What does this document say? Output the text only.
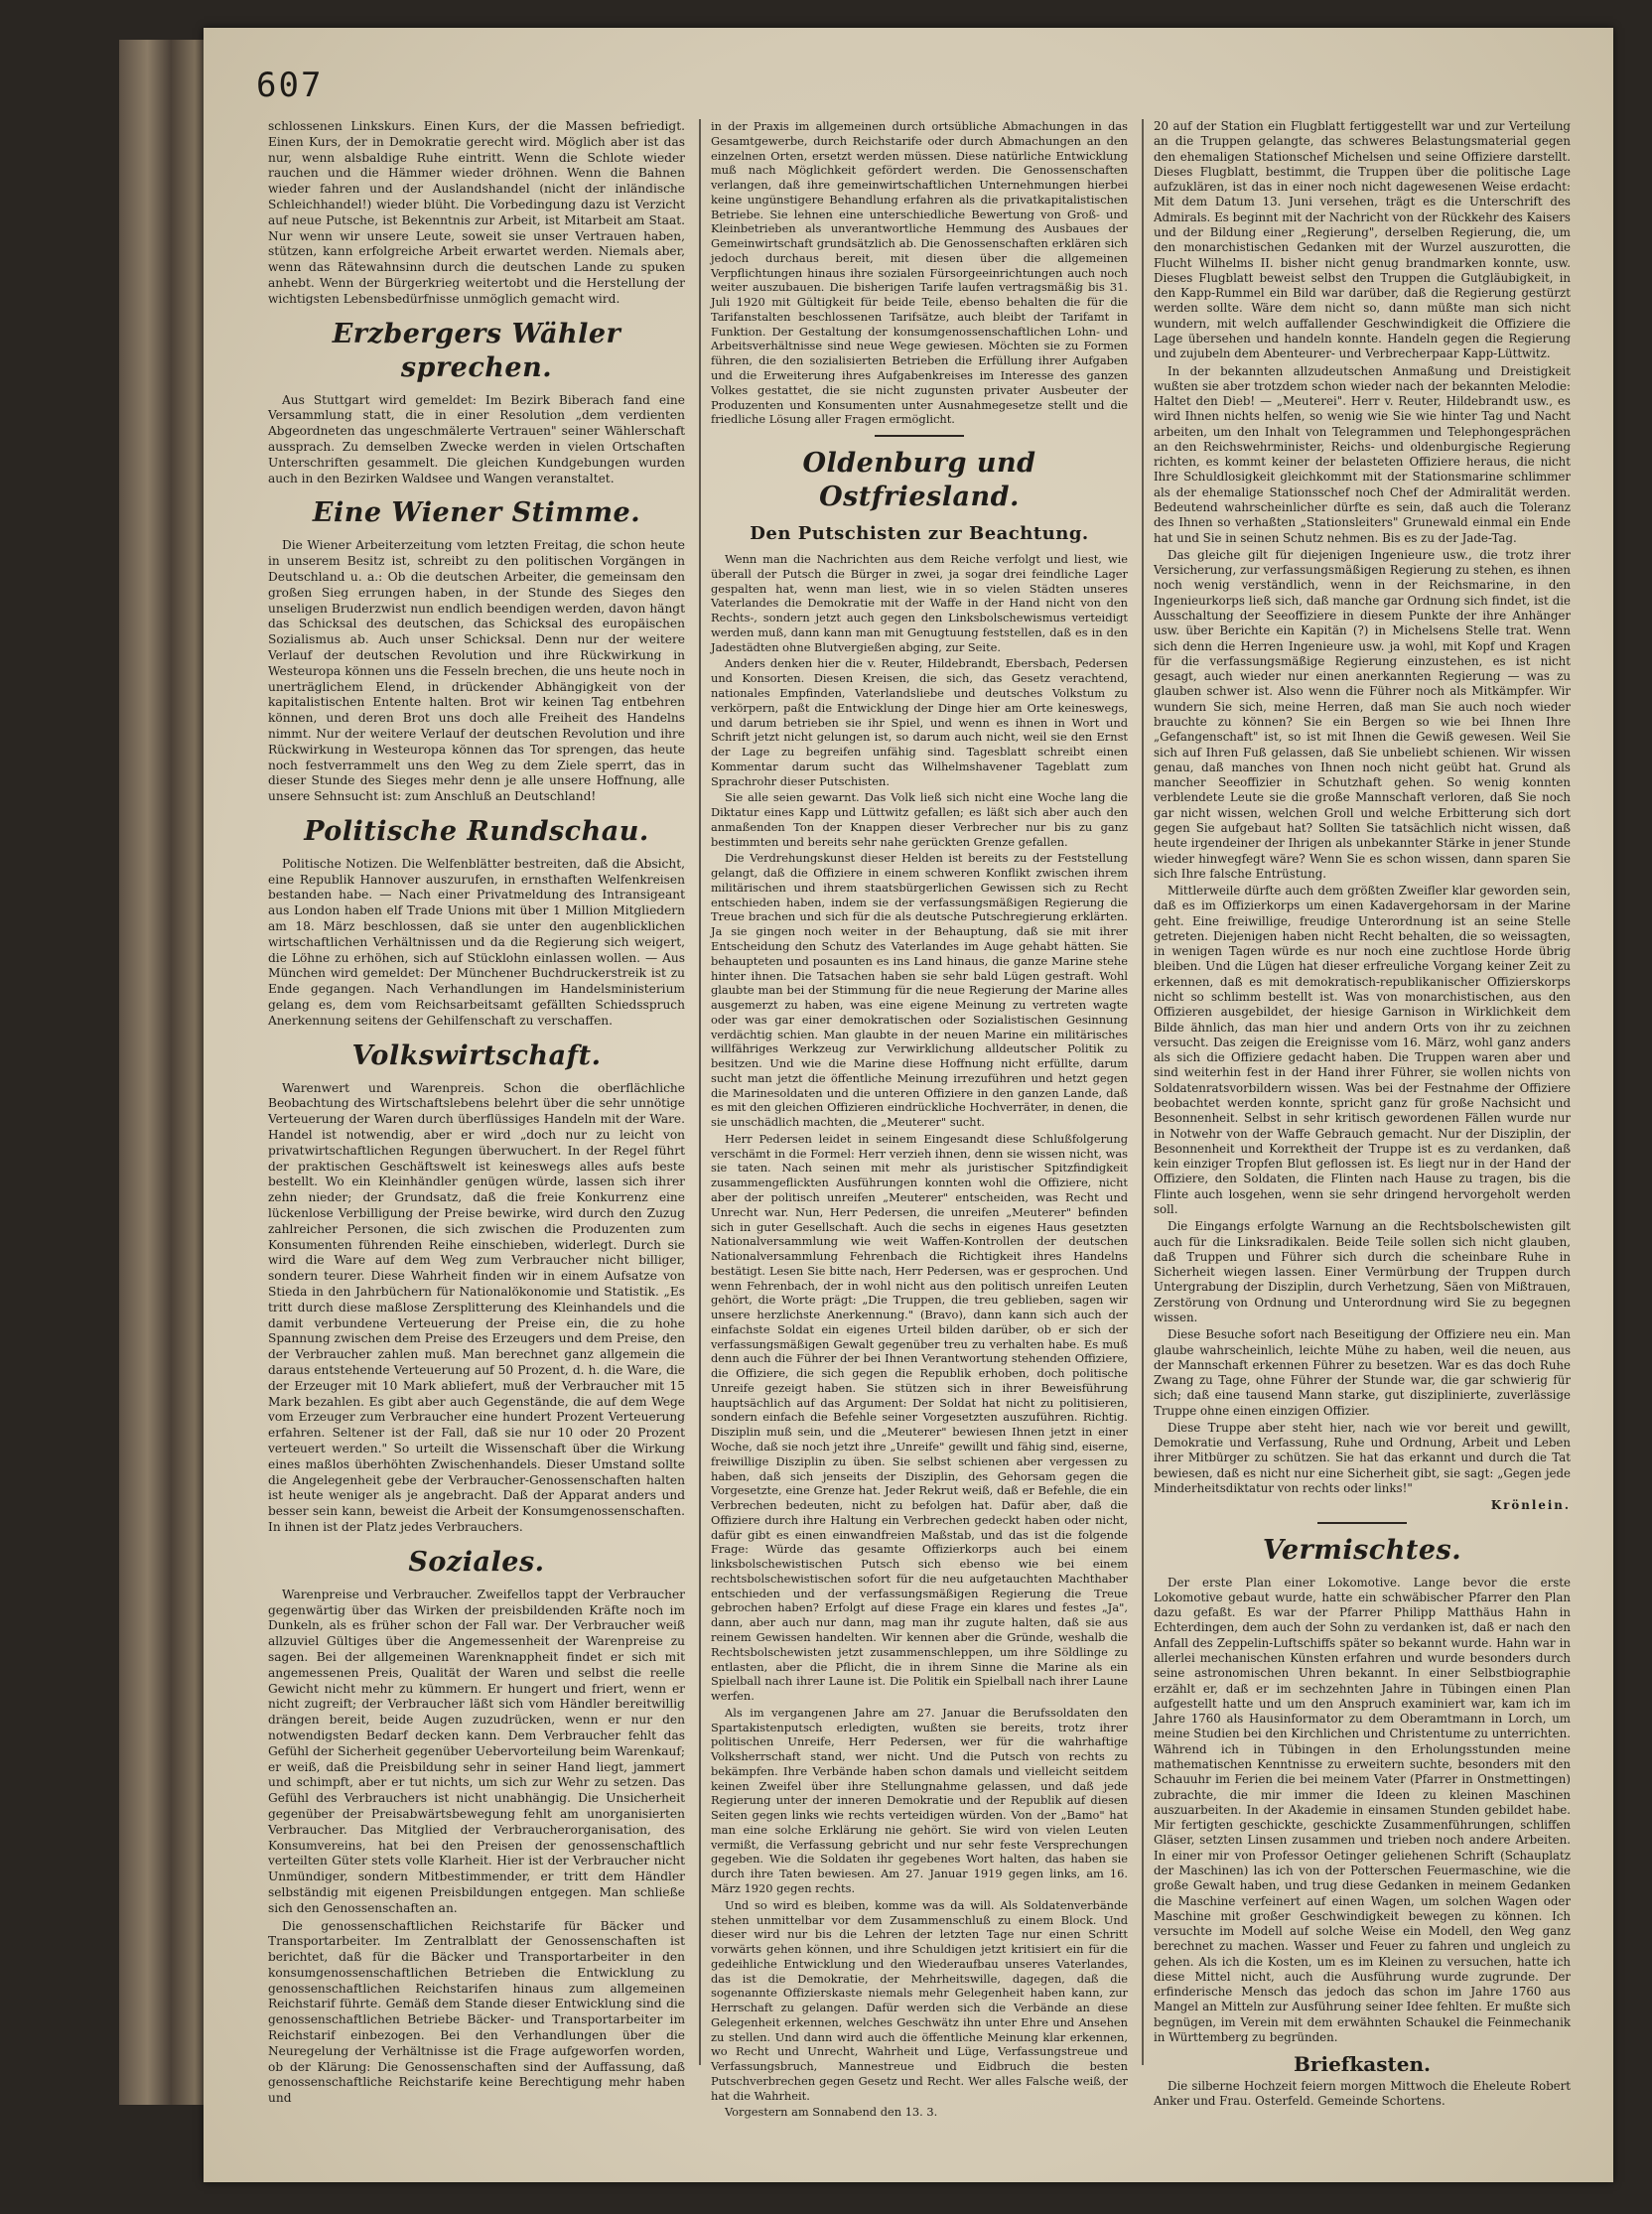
607

schlossenen Linkskurs. Einen Kurs, der die Massen befriedigt. Einen Kurs, der in Demokratie gerecht wird. Möglich aber ist das nur, wenn alsbaldige Ruhe eintritt. Wenn die Schlote wieder rauchen und die Hämmer wieder dröhnen. Wenn die Bahnen wieder fahren und der Auslandshandel (nicht der inländische Schleichhandel!) wieder blüht. Die Vorbedingung dazu ist Verzicht auf neue Putsche, ist Bekenntnis zur Arbeit, ist Mitarbeit am Staat. Nur wenn wir unsere Leute, soweit sie unser Vertrauen haben, stützen, kann erfolgreiche Arbeit erwartet werden. Niemals aber, wenn das Rätewahnsinn durch die deutschen Lande zu spuken anhebt. Wenn der Bürgerkrieg weitertobt und die Herstellung der wichtigsten Lebensbedürfnisse unmöglich gemacht wird.

Erzbergers Wähler sprechen.

Aus Stuttgart wird gemeldet: Im Bezirk Biberach fand eine Versammlung statt, die in einer Resolution „dem verdienten Abgeordneten das ungeschmälerte Vertrauen" seiner Wählerschaft aussprach. Zu demselben Zwecke werden in vielen Ortschaften Unterschriften gesammelt. Die gleichen Kundgebungen wurden auch in den Bezirken Waldsee und Wangen veranstaltet.

Eine Wiener Stimme.

Die Wiener Arbeiterzeitung vom letzten Freitag, die schon heute in unserem Besitz ist, schreibt zu den politischen Vorgängen in Deutschland u. a.: Ob die deutschen Arbeiter, die gemeinsam den großen Sieg errungen haben, in der Stunde des Sieges den unseligen Bruderzwist nun endlich beendigen werden, davon hängt das Schicksal des deutschen, das Schicksal des europäischen Sozialismus ab. Auch unser Schicksal. Denn nur der weitere Verlauf der deutschen Revolution und ihre Rückwirkung in Westeuropa können uns die Fesseln brechen, die uns heute noch in unerträglichem Elend, in drückender Abhängigkeit von der kapitalistischen Entente halten. Brot wir keinen Tag entbehren können, und deren Brot uns doch alle Freiheit des Handelns nimmt. Nur der weitere Verlauf der deutschen Revolution und ihre Rückwirkung in Westeuropa können das Tor sprengen, das heute noch festverrammelt uns den Weg zu dem Ziele sperrt, das in dieser Stunde des Sieges mehr denn je alle unsere Hoffnung, alle unsere Sehnsucht ist: zum Anschluß an Deutschland!

Politische Rundschau.

Politische Notizen. Die Welfenblätter bestreiten, daß die Absicht, eine Republik Hannover auszurufen, in ernsthaften Welfenkreisen bestanden habe. — Nach einer Privatmeldung des Intransigeant aus London haben elf Trade Unions mit über 1 Million Mitgliedern am 18. März beschlossen, daß sie unter den augenblicklichen wirtschaftlichen Verhältnissen und da die Regierung sich weigert, die Löhne zu erhöhen, sich auf Stücklohn einlassen wollen. — Aus München wird gemeldet: Der Münchener Buchdruckerstreik ist zu Ende gegangen. Nach Verhandlungen im Handelsministerium gelang es, dem vom Reichsarbeitsamt gefällten Schiedsspruch Anerkennung seitens der Gehilfenschaft zu verschaffen.

Volkswirtschaft.

Warenwert und Warenpreis. Schon die oberflächliche Beobachtung des Wirtschaftslebens belehrt über die sehr unnötige Verteuerung der Waren durch überflüssiges Handeln mit der Ware. Handel ist notwendig, aber er wird „doch nur zu leicht von privatwirtschaftlichen Regungen überwuchert. In der Regel führt der praktischen Geschäftswelt ist keineswegs alles aufs beste bestellt. Wo ein Kleinhändler genügen würde, lassen sich ihrer zehn nieder; der Grundsatz, daß die freie Konkurrenz eine lückenlose Verbilligung der Preise bewirke, wird durch den Zuzug zahlreicher Personen, die sich zwischen die Produzenten zum Konsumenten führenden Reihe einschieben, widerlegt. Durch sie wird die Ware auf dem Weg zum Verbraucher nicht billiger, sondern teurer. Diese Wahrheit finden wir in einem Aufsatze von Stieda in den Jahrbüchern für Nationalökonomie und Statistik. „Es tritt durch diese maßlose Zersplitterung des Kleinhandels und die damit verbundene Verteuerung der Preise ein, die zu hohe Spannung zwischen dem Preise des Erzeugers und dem Preise, den der Verbraucher zahlen muß. Man berechnet ganz allgemein die daraus entstehende Verteuerung auf 50 Prozent, d. h. die Ware, die der Erzeuger mit 10 Mark abliefert, muß der Verbraucher mit 15 Mark bezahlen. Es gibt aber auch Gegenstände, die auf dem Wege vom Erzeuger zum Verbraucher eine hundert Prozent Verteuerung erfahren. Seltener ist der Fall, daß sie nur 10 oder 20 Prozent verteuert werden." So urteilt die Wissenschaft über die Wirkung eines maßlos überhöhten Zwischenhandels. Dieser Umstand sollte die Angelegenheit gebe der Verbraucher-Genossenschaften halten ist heute weniger als je angebracht. Daß der Apparat anders und besser sein kann, beweist die Arbeit der Konsumgenossenschaften. In ihnen ist der Platz jedes Verbrauchers.

Soziales.

Warenpreise und Verbraucher. Zweifellos tappt der Verbraucher gegenwärtig über das Wirken der preisbildenden Kräfte noch im Dunkeln, als es früher schon der Fall war. Der Verbraucher weiß allzuviel Gültiges über die Angemessenheit der Warenpreise zu sagen. Bei der allgemeinen Warenknappheit findet er sich mit angemessenen Preis, Qualität der Waren und selbst die reelle Gewicht nicht mehr zu kümmern. Er hungert und friert, wenn er nicht zugreift; der Verbraucher läßt sich vom Händler bereitwillig drängen bereit, beide Augen zuzudrücken, wenn er nur den notwendigsten Bedarf decken kann. Dem Verbraucher fehlt das Gefühl der Sicherheit gegenüber Uebervorteilung beim Warenkauf; er weiß, daß die Preisbildung sehr in seiner Hand liegt, jammert und schimpft, aber er tut nichts, um sich zur Wehr zu setzen. Das Gefühl des Verbrauchers ist nicht unabhängig. Die Unsicherheit gegenüber der Preisabwärtsbewegung fehlt am unorganisierten Verbraucher. Das Mitglied der Verbraucherorganisation, des Konsumvereins, hat bei den Preisen der genossenschaftlich verteilten Güter stets volle Klarheit. Hier ist der Verbraucher nicht Unmündiger, sondern Mitbestimmender, er tritt dem Händler selbständig mit eigenen Preisbildungen entgegen. Man schließe sich den Genossenschaften an.

Die genossenschaftlichen Reichstarife für Bäcker und Transportarbeiter. Im Zentralblatt der Genossenschaften ist berichtet, daß für die Bäcker und Transportarbeiter in den konsumgenossenschaftlichen Betrieben die Entwicklung zu genossenschaftlichen Reichstarifen hinaus zum allgemeinen Reichstarif führte. Gemäß dem Stande dieser Entwicklung sind die genossenschaftlichen Betriebe Bäcker- und Transportarbeiter im Reichstarif einbezogen. Bei den Verhandlungen über die Neuregelung der Verhältnisse ist die Frage aufgeworfen worden, ob der Klärung: Die Genossenschaften sind der Auffassung, daß genossenschaftliche Reichstarife keine Berechtigung mehr haben und

in der Praxis im allgemeinen durch ortsübliche Abmachungen in das Gesamtgewerbe, durch Reichstarife oder durch Abmachungen an den einzelnen Orten, ersetzt werden müssen. Diese natürliche Entwicklung muß nach Möglichkeit gefördert werden. Die Genossenschaften verlangen, daß ihre gemeinwirtschaftlichen Unternehmungen hierbei keine ungünstigere Behandlung erfahren als die privatkapitalistischen Betriebe. Sie lehnen eine unterschiedliche Bewertung von Groß- und Kleinbetrieben als unverantwortliche Hemmung des Ausbaues der Gemeinwirtschaft grundsätzlich ab. Die Genossenschaften erklären sich jedoch durchaus bereit, mit diesen über die allgemeinen Verpflichtungen hinaus ihre sozialen Fürsorgeeinrichtungen auch noch weiter auszubauen. Die bisherigen Tarife laufen vertragsmäßig bis 31. Juli 1920 mit Gültigkeit für beide Teile, ebenso behalten die für die Tarifanstalten beschlossenen Tarifsätze, auch bleibt der Tarifamt in Funktion. Der Gestaltung der konsumgenossenschaftlichen Lohn- und Arbeitsverhältnisse sind neue Wege gewiesen. Möchten sie zu Formen führen, die den sozialisierten Betrieben die Erfüllung ihrer Aufgaben und die Erweiterung ihres Aufgabenkreises im Interesse des ganzen Volkes gestattet, die sie nicht zugunsten privater Ausbeuter der Produzenten und Konsumenten unter Ausnahmegesetze stellt und die friedliche Lösung aller Fragen ermöglicht.

Oldenburg und Ostfriesland.
Den Putschisten zur Beachtung.

Wenn man die Nachrichten aus dem Reiche verfolgt und liest, wie überall der Putsch die Bürger in zwei, ja sogar drei feindliche Lager gespalten hat, wenn man liest, wie in so vielen Städten unseres Vaterlandes die Demokratie mit der Waffe in der Hand nicht von den Rechts-, sondern jetzt auch gegen den Linksbolschewismus verteidigt werden muß, dann kann man mit Genugtuung feststellen, daß es in den Jadestädten ohne Blutvergießen abging, zur Seite.

Anders denken hier die v. Reuter, Hildebrandt, Ebersbach, Pedersen und Konsorten. Diesen Kreisen, die sich, das Gesetz verachtend, nationales Empfinden, Vaterlandsliebe und deutsches Volkstum zu verkörpern, paßt die Entwicklung der Dinge hier am Orte keineswegs, und darum betrieben sie ihr Spiel, und wenn es ihnen in Wort und Schrift jetzt nicht gelungen ist, so darum auch nicht, weil sie den Ernst der Lage zu begreifen unfähig sind. Tagesblatt schreibt einen Kommentar darum sucht das Wilhelmshavener Tageblatt zum Sprachrohr dieser Putschisten.

Sie alle seien gewarnt. Das Volk ließ sich nicht eine Woche lang die Diktatur eines Kapp und Lüttwitz gefallen; es läßt sich aber auch den anmaßenden Ton der Knappen dieser Verbrecher nur bis zu ganz bestimmten und bereits sehr nahe gerückten Grenze gefallen.

Die Verdrehungskunst dieser Helden ist bereits zu der Feststellung gelangt, daß die Offiziere in einem schweren Konflikt zwischen ihrem militärischen und ihrem staatsbürgerlichen Gewissen sich zu Recht entschieden haben, indem sie der verfassungsmäßigen Regierung die Treue brachen und sich für die als deutsche Putschregierung erklärten. Ja sie gingen noch weiter in der Behauptung, daß sie mit ihrer Entscheidung den Schutz des Vaterlandes im Auge gehabt hätten. Sie behaupteten und posaunten es ins Land hinaus, die ganze Marine stehe hinter ihnen. Die Tatsachen haben sie sehr bald Lügen gestraft. Wohl glaubte man bei der Stimmung für die neue Regierung der Marine alles ausgemerzt zu haben, was eine eigene Meinung zu vertreten wagte oder was gar einer demokratischen oder Sozialistischen Gesinnung verdächtig schien. Man glaubte in der neuen Marine ein militärisches willfähriges Werkzeug zur Verwirklichung alldeutscher Politik zu besitzen. Und wie die Marine diese Hoffnung nicht erfüllte, darum sucht man jetzt die öffentliche Meinung irrezuführen und hetzt gegen die Marinesoldaten und die unteren Offiziere in den ganzen Lande, daß es mit den gleichen Offizieren eindrückliche Hochverräter, in denen, die sie unschädlich machten, die „Meuterer" sucht.

Herr Pedersen leidet in seinem Eingesandt diese Schlußfolgerung verschämt in die Formel: Herr verzieh ihnen, denn sie wissen nicht, was sie taten. Nach seinen mit mehr als juristischer Spitzfindigkeit zusammengeflickten Ausführungen konnten wohl die Offiziere, nicht aber der politisch unreifen „Meuterer" entscheiden, was Recht und Unrecht war. Nun, Herr Pedersen, die unreifen „Meuterer" befinden sich in guter Gesellschaft. Auch die sechs in eigenes Haus gesetzten Nationalversammlung wie weit Waffen-Kontrollen der deutschen Nationalversammlung Fehrenbach die Richtigkeit ihres Handelns bestätigt. Lesen Sie bitte nach, Herr Pedersen, was er gesprochen. Und wenn Fehrenbach, der in wohl nicht aus den politisch unreifen Leuten gehört, die Worte prägt: „Die Truppen, die treu geblieben, sagen wir unsere herzlichste Anerkennung." (Bravo), dann kann sich auch der einfachste Soldat ein eigenes Urteil bilden darüber, ob er sich der verfassungsmäßigen Gewalt gegenüber treu zu verhalten habe. Es muß denn auch die Führer der bei Ihnen Verantwortung stehenden Offiziere, die Offiziere, die sich gegen die Republik erhoben, doch politische Unreife gezeigt haben. Sie stützen sich in ihrer Beweisführung hauptsächlich auf das Argument: Der Soldat hat nicht zu politisieren, sondern einfach die Befehle seiner Vorgesetzten auszuführen. Richtig. Disziplin muß sein, und die „Meuterer" bewiesen Ihnen jetzt in einer Woche, daß sie noch jetzt ihre „Unreife" gewillt und fähig sind, eiserne, freiwillige Disziplin zu üben. Sie selbst schienen aber vergessen zu haben, daß sich jenseits der Disziplin, des Gehorsam gegen die Vorgesetzte, eine Grenze hat. Jeder Rekrut weiß, daß er Befehle, die ein Verbrechen bedeuten, nicht zu befolgen hat. Dafür aber, daß die Offiziere durch ihre Haltung ein Verbrechen gedeckt haben oder nicht, dafür gibt es einen einwandfreien Maßstab, und das ist die folgende Frage: Würde das gesamte Offizierkorps auch bei einem linksbolschewistischen Putsch sich ebenso wie bei einem rechtsbolschewistischen sofort für die neu aufgetauchten Machthaber entschieden und der verfassungsmäßigen Regierung die Treue gebrochen haben? Erfolgt auf diese Frage ein klares und festes „Ja", dann, aber auch nur dann, mag man ihr zugute halten, daß sie aus reinem Gewissen handelten. Wir kennen aber die Gründe, weshalb die Rechtsbolschewisten jetzt zusammenschleppen, um ihre Söldlinge zu entlasten, aber die Pflicht, die in ihrem Sinne die Marine als ein Spielball nach ihrer Laune ist. Die Politik ein Spielball nach ihrer Laune werfen.

Als im vergangenen Jahre am 27. Januar die Berufssoldaten den Spartakistenputsch erledigten, wußten sie bereits, trotz ihrer politischen Unreife, Herr Pedersen, wer für die wahrhaftige Volksherrschaft stand, wer nicht. Und die Putsch von rechts zu bekämpfen. Ihre Verbände haben schon damals und vielleicht seitdem keinen Zweifel über ihre Stellungnahme gelassen, und daß jede Regierung unter der inneren Demokratie und der Republik auf diesen Seiten gegen links wie rechts verteidigen würden. Von der „Bamo" hat man eine solche Erklärung nie gehört. Sie wird von vielen Leuten vermißt, die Verfassung gebricht und nur sehr feste Versprechungen gegeben. Wie die Soldaten ihr gegebenes Wort halten, das haben sie durch ihre Taten bewiesen. Am 27. Januar 1919 gegen links, am 16. März 1920 gegen rechts.

Und so wird es bleiben, komme was da will. Als Soldatenverbände stehen unmittelbar vor dem Zusammenschluß zu einem Block. Und dieser wird nur bis die Lehren der letzten Tage nur einen Schritt vorwärts gehen können, und ihre Schuldigen jetzt kritisiert ein für die gedeihliche Entwicklung und den Wiederaufbau unseres Vaterlandes, das ist die Demokratie, der Mehrheitswille, dagegen, daß die sogenannte Offizierskaste niemals mehr Gelegenheit haben kann, zur Herrschaft zu gelangen. Dafür werden sich die Verbände an diese Gelegenheit erkennen, welches Geschwätz ihn unter Ehre und Ansehen zu stellen. Und dann wird auch die öffentliche Meinung klar erkennen, wo Recht und Unrecht, Wahrheit und Lüge, Verfassungstreue und Verfassungsbruch, Mannestreue und Eidbruch die besten Putschverbrechen gegen Gesetz und Recht. Wer alles Falsche weiß, der hat die Wahrheit.

Vorgestern am Sonnabend den 13. 3.

20 auf der Station ein Flugblatt fertiggestellt war und zur Verteilung an die Truppen gelangte, das schweres Belastungsmaterial gegen den ehemaligen Stationschef Michelsen und seine Offiziere darstellt. Dieses Flugblatt, bestimmt, die Truppen über die politische Lage aufzuklären, ist das in einer noch nicht dagewesenen Weise erdacht: Mit dem Datum 13. Juni versehen, trägt es die Unterschrift des Admirals. Es beginnt mit der Nachricht von der Rückkehr des Kaisers und der Bildung einer „Regierung", derselben Regierung, die, um den monarchistischen Gedanken mit der Wurzel auszurotten, die Flucht Wilhelms II. bisher nicht genug brandmarken konnte, usw. Dieses Flugblatt beweist selbst den Truppen die Gutgläubigkeit, in den Kapp-Rummel ein Bild war darüber, daß die Regierung gestürzt werden sollte. Wäre dem nicht so, dann müßte man sich nicht wundern, mit welch auffallender Geschwindigkeit die Offiziere die Lage übersehen und handeln konnte. Handeln gegen die Regierung und zujubeln dem Abenteurer- und Verbrecherpaar Kapp-Lüttwitz.

In der bekannten allzudeutschen Anmaßung und Dreistigkeit wußten sie aber trotzdem schon wieder nach der bekannten Melodie: Haltet den Dieb! — „Meuterei". Herr v. Reuter, Hildebrandt usw., es wird Ihnen nichts helfen, so wenig wie Sie wie hinter Tag und Nacht arbeiten, um den Inhalt von Telegrammen und Telephongesprächen an den Reichswehrminister, Reichs- und oldenburgische Regierung richten, es kommt keiner der belasteten Offiziere heraus, die nicht Ihre Schuldlosigkeit gleichkommt mit der Stationsmarine schlimmer als der ehemalige Stationsschef noch Chef der Admiralität werden. Bedeutend wahrscheinlicher dürfte es sein, daß auch die Toleranz des Ihnen so verhaßten „Stationsleiters" Grunewald einmal ein Ende hat und Sie in seinen Schutz nehmen. Bis es zu der Jade-Tag.

Das gleiche gilt für diejenigen Ingenieure usw., die trotz ihrer Versicherung, zur verfassungsmäßigen Regierung zu stehen, es ihnen noch wenig verständlich, wenn in der Reichsmarine, in den Ingenieurkorps ließ sich, daß manche gar Ordnung sich findet, ist die Ausschaltung der Seeoffiziere in diesem Punkte der ihre Anhänger usw. über Berichte ein Kapitän (?) in Michelsens Stelle trat. Wenn sich denn die Herren Ingenieure usw. ja wohl, mit Kopf und Kragen für die verfassungsmäßige Regierung einzustehen, es ist nicht gesagt, auch wieder nur einen anerkannten Regierung — was zu glauben schwer ist. Also wenn die Führer noch als Mitkämpfer. Wir wundern Sie sich, meine Herren, daß man Sie auch noch wieder brauchte zu können? Sie ein Bergen so wie bei Ihnen Ihre „Gefangenschaft" ist, so ist mit Ihnen die Gewiß gewesen. Weil Sie sich auf Ihren Fuß gelassen, daß Sie unbeliebt schienen. Wir wissen genau, daß manches von Ihnen noch nicht geübt hat. Grund als mancher Seeoffizier in Schutzhaft gehen. So wenig konnten verblendete Leute sie die große Mannschaft verloren, daß Sie noch gar nicht wissen, welchen Groll und welche Erbitterung sich dort gegen Sie aufgebaut hat? Sollten Sie tatsächlich nicht wissen, daß heute irgendeiner der Ihrigen als unbekannter Stärke in jener Stunde wieder hinwegfegt wäre? Wenn Sie es schon wissen, dann sparen Sie sich Ihre falsche Entrüstung.

Mittlerweile dürfte auch dem größten Zweifler klar geworden sein, daß es im Offizierkorps um einen Kadavergehorsam in der Marine geht. Eine freiwillige, freudige Unterordnung ist an seine Stelle getreten. Diejenigen haben nicht Recht behalten, die so weissagten, in wenigen Tagen würde es nur noch eine zuchtlose Horde übrig bleiben. Und die Lügen hat dieser erfreuliche Vorgang keiner Zeit zu erkennen, daß es mit demokratisch-republikanischer Offizierskorps nicht so schlimm bestellt ist. Was von monarchistischen, aus den Offizieren ausgebildet, der hiesige Garnison in Wirklichkeit dem Bilde ähnlich, das man hier und andern Orts von ihr zu zeichnen versucht. Das zeigen die Ereignisse vom 16. März, wohl ganz anders als sich die Offiziere gedacht haben. Die Truppen waren aber und sind weiterhin fest in der Hand ihrer Führer, sie wollen nichts von Soldatenratsvorbildern wissen. Was bei der Festnahme der Offiziere beobachtet werden konnte, spricht ganz für große Nachsicht und Besonnenheit. Selbst in sehr kritisch gewordenen Fällen wurde nur in Notwehr von der Waffe Gebrauch gemacht. Nur der Disziplin, der Besonnenheit und Korrektheit der Truppe ist es zu verdanken, daß kein einziger Tropfen Blut geflossen ist. Es liegt nur in der Hand der Offiziere, den Soldaten, die Flinten nach Hause zu tragen, bis die Flinte auch losgehen, wenn sie sehr dringend hervorgeholt werden soll.

Die Eingangs erfolgte Warnung an die Rechtsbolschewisten gilt auch für die Linksradikalen. Beide Teile sollen sich nicht glauben, daß Truppen und Führer sich durch die scheinbare Ruhe in Sicherheit wiegen lassen. Einer Vermürbung der Truppen durch Untergrabung der Disziplin, durch Verhetzung, Säen von Mißtrauen, Zerstörung von Ordnung und Unterordnung wird Sie zu begegnen wissen.

Diese Besuche sofort nach Beseitigung der Offiziere neu ein. Man glaube wahrscheinlich, leichte Mühe zu haben, weil die neuen, aus der Mannschaft erkennen Führer zu besetzen. War es das doch Ruhe Zwang zu Tage, ohne Führer der Stunde war, die gar schwierig für sich; daß eine tausend Mann starke, gut disziplinierte, zuverlässige Truppe ohne einen einzigen Offizier.

Diese Truppe aber steht hier, nach wie vor bereit und gewillt, Demokratie und Verfassung, Ruhe und Ordnung, Arbeit und Leben ihrer Mitbürger zu schützen. Sie hat das erkannt und durch die Tat bewiesen, daß es nicht nur eine Sicherheit gibt, sie sagt: „Gegen jede Minderheitsdiktatur von rechts oder links!"

Krönlein.
Vermischtes.

Der erste Plan einer Lokomotive. Lange bevor die erste Lokomotive gebaut wurde, hatte ein schwäbischer Pfarrer den Plan dazu gefaßt. Es war der Pfarrer Philipp Matthäus Hahn in Echterdingen, dem auch der Sohn zu verdanken ist, daß er nach den Anfall des Zeppelin-Luftschiffs später so bekannt wurde. Hahn war in allerlei mechanischen Künsten erfahren und wurde besonders durch seine astronomischen Uhren bekannt. In einer Selbstbiographie erzählt er, daß er im sechzehnten Jahre in Tübingen einen Plan aufgestellt hatte und um den Anspruch examiniert war, kam ich im Jahre 1760 als Hausinformator zu dem Oberamtmann in Lorch, um meine Studien bei den Kirchlichen und Christentume zu unterrichten. Während ich in Tübingen in den Erholungsstunden meine mathematischen Kenntnisse zu erweitern suchte, besonders mit den Schauuhr im Ferien die bei meinem Vater (Pfarrer in Onstmettingen) zubrachte, die mir immer die Ideen zu kleinen Maschinen auszuarbeiten. In der Akademie in einsamen Stunden gebildet habe. Mir fertigten geschickte, geschickte Zusammenführungen, schliffen Gläser, setzten Linsen zusammen und trieben noch andere Arbeiten. In einer mir von Professor Oetinger geliehenen Schrift (Schauplatz der Maschinen) las ich von der Potterschen Feuermaschine, wie die große Gewalt haben, und trug diese Gedanken in meinem Gedanken die Maschine verfeinert auf einen Wagen, um solchen Wagen oder Maschine mit großer Geschwindigkeit bewegen zu können. Ich versuchte im Modell auf solche Weise ein Modell, den Weg ganz berechnet zu machen. Wasser und Feuer zu fahren und ungleich zu gehen. Als ich die Kosten, um es im Kleinen zu versuchen, hatte ich diese Mittel nicht, auch die Ausführung wurde zugrunde. Der erfinderische Mensch das jedoch das schon im Jahre 1760 aus Mangel an Mitteln zur Ausführung seiner Idee fehlten. Er mußte sich begnügen, im Verein mit dem erwähnten Schaukel die Feinmechanik in Württemberg zu begründen.

Briefkasten.

Die silberne Hochzeit feiern morgen Mittwoch die Eheleute Robert Anker und Frau. Osterfeld. Gemeinde Schortens.
